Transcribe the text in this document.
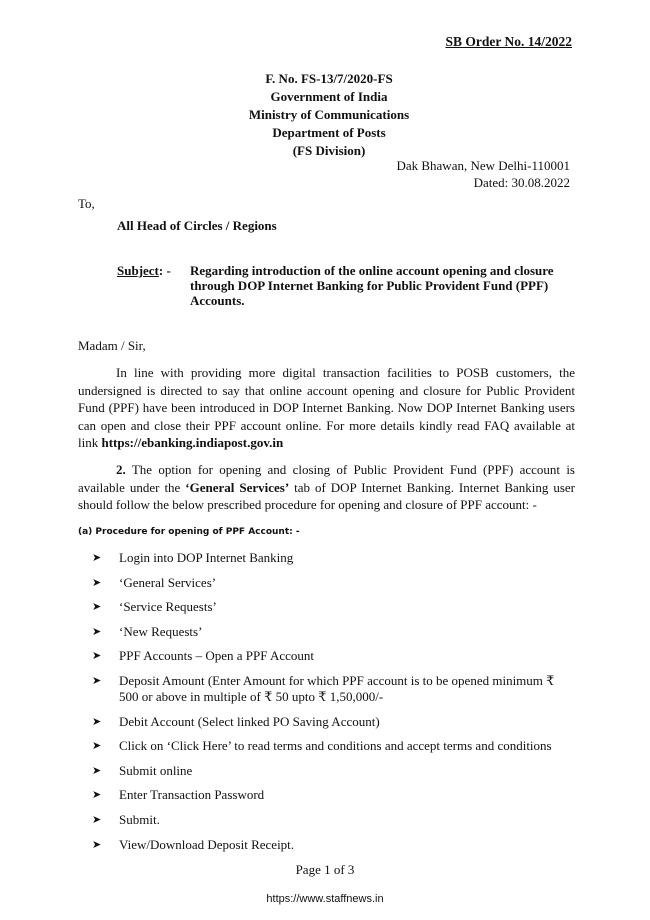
SB Order No. 14/2022
F. No. FS-13/7/2020-FS
Government of India
Ministry of Communications
Department of Posts
(FS Division)
Dak Bhawan, New Delhi-110001
Dated: 30.08.2022
To,
All Head of Circles / Regions
Subject: - Regarding introduction of the online account opening and closure through DOP Internet Banking for Public Provident Fund (PPF) Accounts.
Madam / Sir,
In line with providing more digital transaction facilities to POSB customers, the undersigned is directed to say that online account opening and closure for Public Provident Fund (PPF) have been introduced in DOP Internet Banking. Now DOP Internet Banking users can open and close their PPF account online. For more details kindly read FAQ available at link https://ebanking.indiapost.gov.in
2. The option for opening and closing of Public Provident Fund (PPF) account is available under the ‘General Services’ tab of DOP Internet Banking. Internet Banking user should follow the below prescribed procedure for opening and closure of PPF account: -
(a) Procedure for opening of PPF Account: -
➤	Login into DOP Internet Banking
➤	‘General Services’
➤	‘Service Requests’
➤	‘New Requests’
➤	PPF Accounts – Open a PPF Account
➤	Deposit Amount (Enter Amount for which PPF account is to be opened minimum ₹ 500 or above in multiple of ₹ 50 upto ₹ 1,50,000/-
➤	Debit Account (Select linked PO Saving Account)
➤	Click on ‘Click Here’ to read terms and conditions and accept terms and conditions
➤	Submit online
➤	Enter Transaction Password
➤	Submit.
➤	View/Download Deposit Receipt.
Page 1 of 3
https://www.staffnews.in
